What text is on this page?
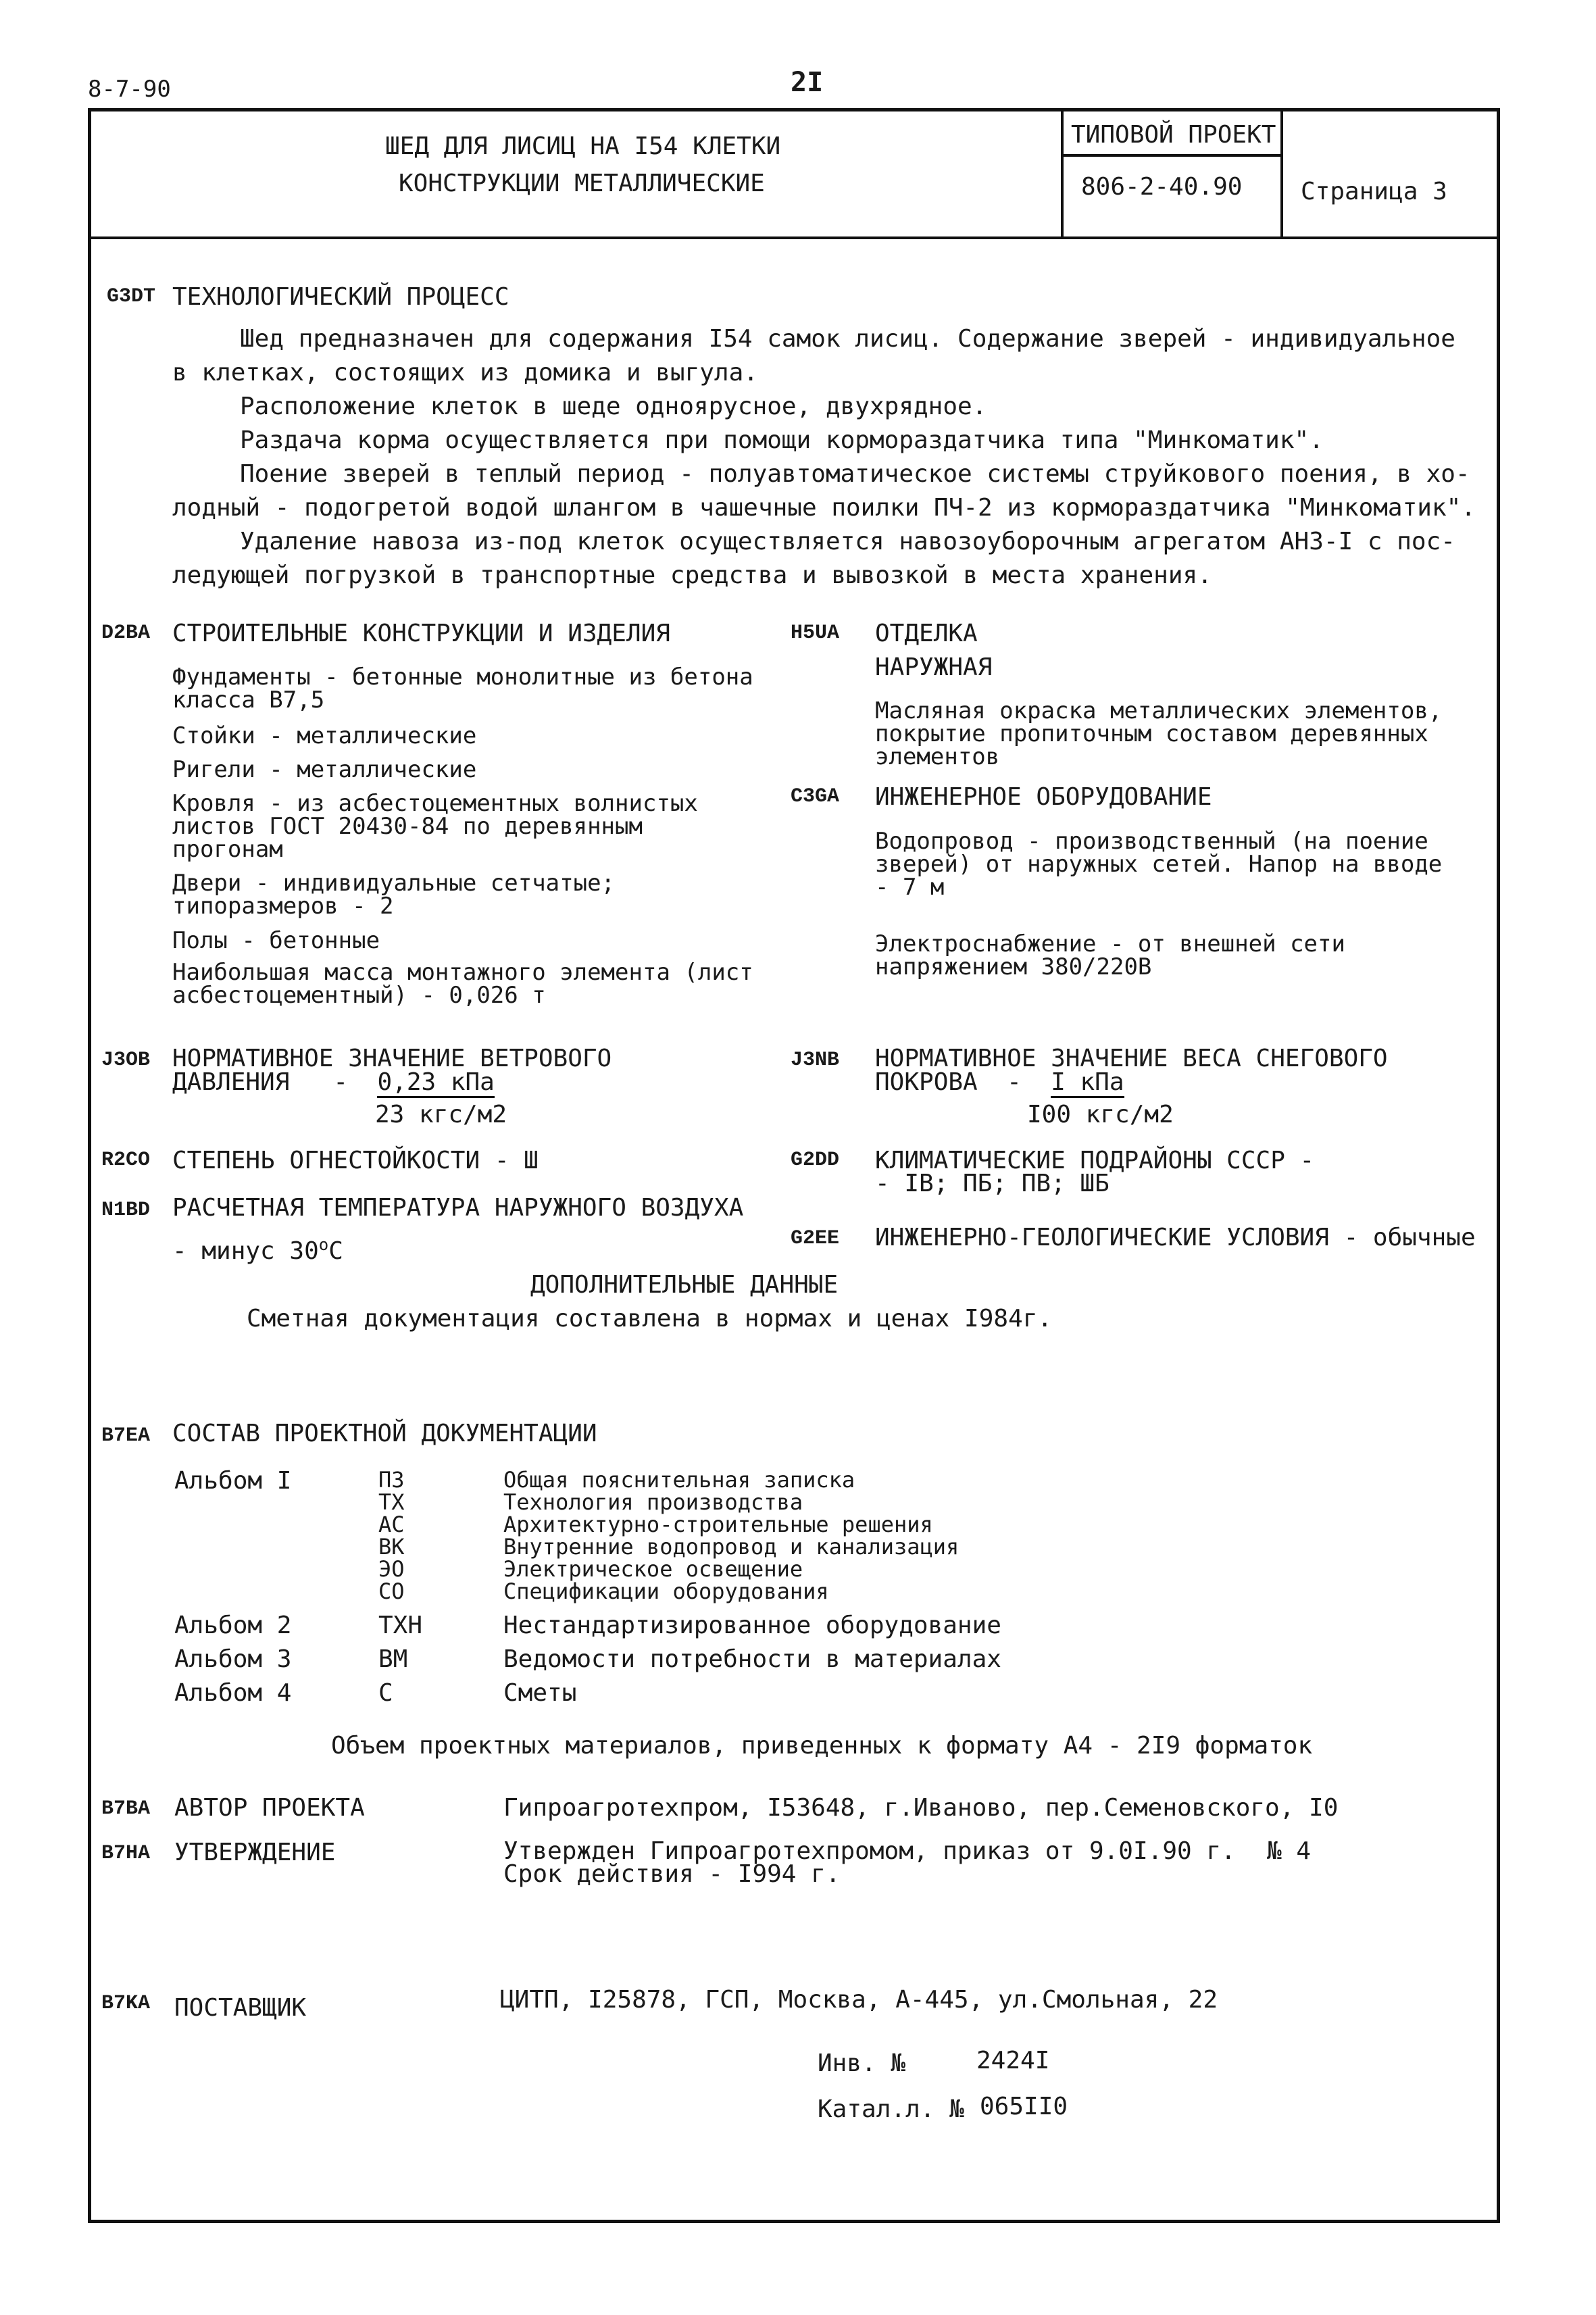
8-7-90	2I
ШЕД ДЛЯ ЛИСИЦ НА I54 КЛЕТКИ
КОНСТРУКЦИИ МЕТАЛЛИЧЕСКИЕ
ТИПОВОЙ ПРОЕКТ
806-2-40.90 Страница 3
G3DT ТЕХНОЛОГИЧЕСКИЙ ПРОЦЕСС
Шед предназначен для содержания I54 самок лисиц. Содержание зверей - индивидуальное
в клетках, состоящих из домика и выгула.
Расположение клеток в шеде одноярусное, двухрядное.
Раздача корма осуществляется при помощи кормораздатчика типа "Минкоматик".
Поение зверей в теплый период - полуавтоматическое системы струйкового поения, в хо-
лодный - подогретой водой шлангом в чашечные поилки ПЧ-2 из кормораздатчика "Минкоматик".
Удаление навоза из-под клеток осуществляется навозоуборочным агрегатом АНЗ-I с пос-
ледующей погрузкой в транспортные средства и вывозкой в места хранения.
D2BA СТРОИТЕЛЬНЫЕ КОНСТРУКЦИИ И ИЗДЕЛИЯ
Фундаменты - бетонные монолитные из бетона класса В7,5
Стойки - металлические
Ригели - металлические
Кровля - из асбестоцементных волнистых листов ГОСТ 20430-84 по деревянным прогонам
Двери - индивидуальные сетчатые; типоразмеров - 2
Полы - бетонные
Наибольшая масса монтажного элемента (лист асбестоцементный) - 0,026 т
H5UA ОТДЕЛКА
НАРУЖНАЯ
Масляная окраска металлических элементов, покрытие пропиточным составом деревянных элементов
C3GA ИНЖЕНЕРНОЕ ОБОРУДОВАНИЕ
Водопровод - производственный (на поение зверей) от наружных сетей. Напор на вводе - 7 м
Электроснабжение - от внешней сети напряжением 380/220В
J3OB НОРМАТИВНОЕ ЗНАЧЕНИЕ ВЕТРОВОГО
ДАВЛЕНИЯ - 0,23 кПа
23 кгс/м2
J3NB НОРМАТИВНОЕ ЗНАЧЕНИЕ ВЕСА СНЕГОВОГО
ПОКРОВА - I кПа
I00 кгс/м2
R2CO СТЕПЕНЬ ОГНЕСТОЙКОСТИ - Ш	G2DD КЛИМАТИЧЕСКИЕ ПОДРАЙОНЫ СССР -
- IВ; ПБ; ПВ; ШБ
N1BD РАСЧЕТНАЯ ТЕМПЕРАТУРА НАРУЖНОГО ВОЗДУХА
- минус $30^оС$	G2EE ИНЖЕНЕРНО-ГЕОЛОГИЧЕСКИЕ УСЛОВИЯ - обычные
ДОПОЛНИТЕЛЬНЫЕ ДАННЫЕ
Сметная документация составлена в нормах и ценах I984г.
B7EA СОСТАВ ПРОЕКТНОЙ ДОКУМЕНТАЦИИ
Альбом I	ПЗ	Общая пояснительная записка
ТХ	Технология производства
АС	Архитектурно-строительные решения
ВК	Внутренние водопровод и канализация
ЭО	Электрическое освещение
СО	Спецификации оборудования
Альбом 2	ТХН	Нестандартизированное оборудование
Альбом 3	ВМ	Ведомости потребности в материалах
Альбом 4	С	Сметы
Объем проектных материалов, приведенных к формату А4 - 2I9 форматок
B7BA АВТОР ПРОЕКТА	Гипроагротехпром, I53648, г.Иваново, пер.Семеновского, I0
B7HA УТВЕРЖДЕНИЕ	Утвержден Гипроагротехпромом, приказ от 9.0I.90 г. № 4
Срок действия - I994 г.
B7KA ПОСТАВЩИК	ЦИТП, I25878, ГСП, Москва, А-445, ул.Смольная, 22
Инв. №	2424I
Катал.л. № 065II0
